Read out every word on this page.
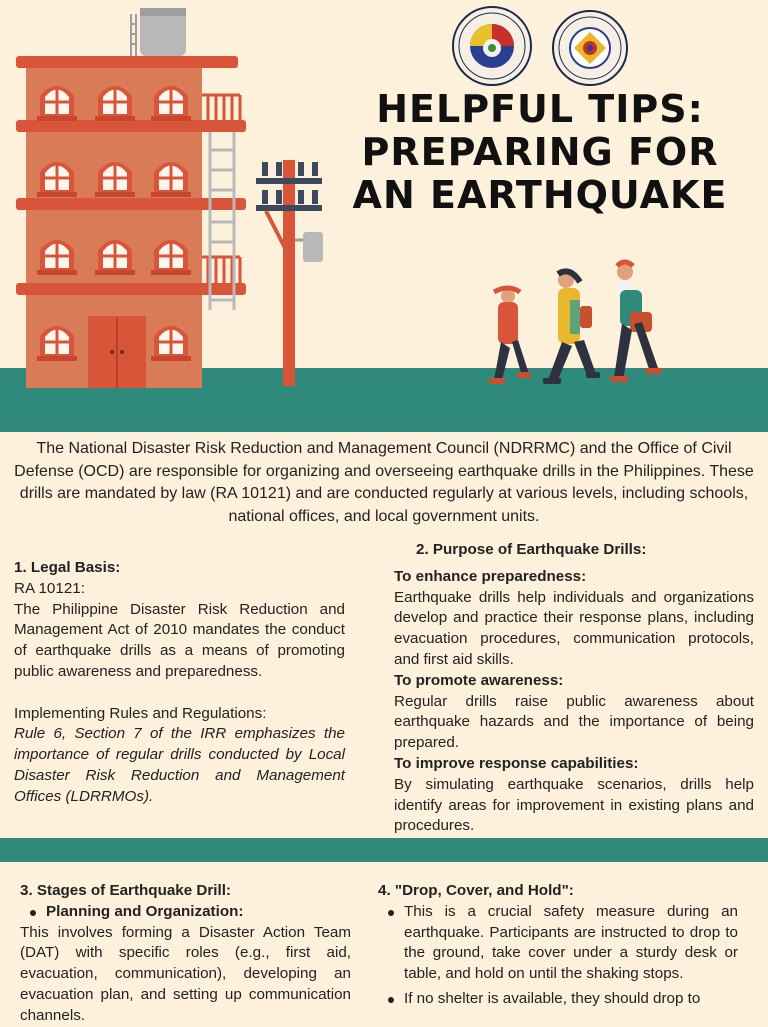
HELPFUL TIPS:
PREPARING FOR
AN EARTHQUAKE

The National Disaster Risk Reduction and Management Council (NDRRMC) and the Office of Civil Defense (OCD) are responsible for organizing and overseeing earthquake drills in the Philippines. These drills are mandated by law (RA 10121) and are conducted regularly at various levels, including schools, national offices, and local government units.

1. Legal Basis:

RA 10121:

The Philippine Disaster Risk Reduction and Management Act of 2010 mandates the conduct of earthquake drills as a means of promoting public awareness and preparedness.

Implementing Rules and Regulations:

Rule 6, Section 7 of the IRR emphasizes the importance of regular drills conducted by Local Disaster Risk Reduction and Management Offices (LDRRMOs).

2. Purpose of Earthquake Drills:

To enhance preparedness:

Earthquake drills help individuals and organizations develop and practice their response plans, including evacuation procedures, communication protocols, and first aid skills.

To promote awareness:

Regular drills raise public awareness about earthquake hazards and the importance of being prepared.

To improve response capabilities:

By simulating earthquake scenarios, drills help identify areas for improvement in existing plans and procedures.

3. Stages of Earthquake Drill:

Planning and Organization:

This involves forming a Disaster Action Team (DAT) with specific roles (e.g., first aid, evacuation, communication), developing an evacuation plan, and setting up communication channels.

4. "Drop, Cover, and Hold":

This is a crucial safety measure during an earthquake. Participants are instructed to drop to the ground, take cover under a sturdy desk or table, and hold on until the shaking stops.
If no shelter is available, they should drop to
